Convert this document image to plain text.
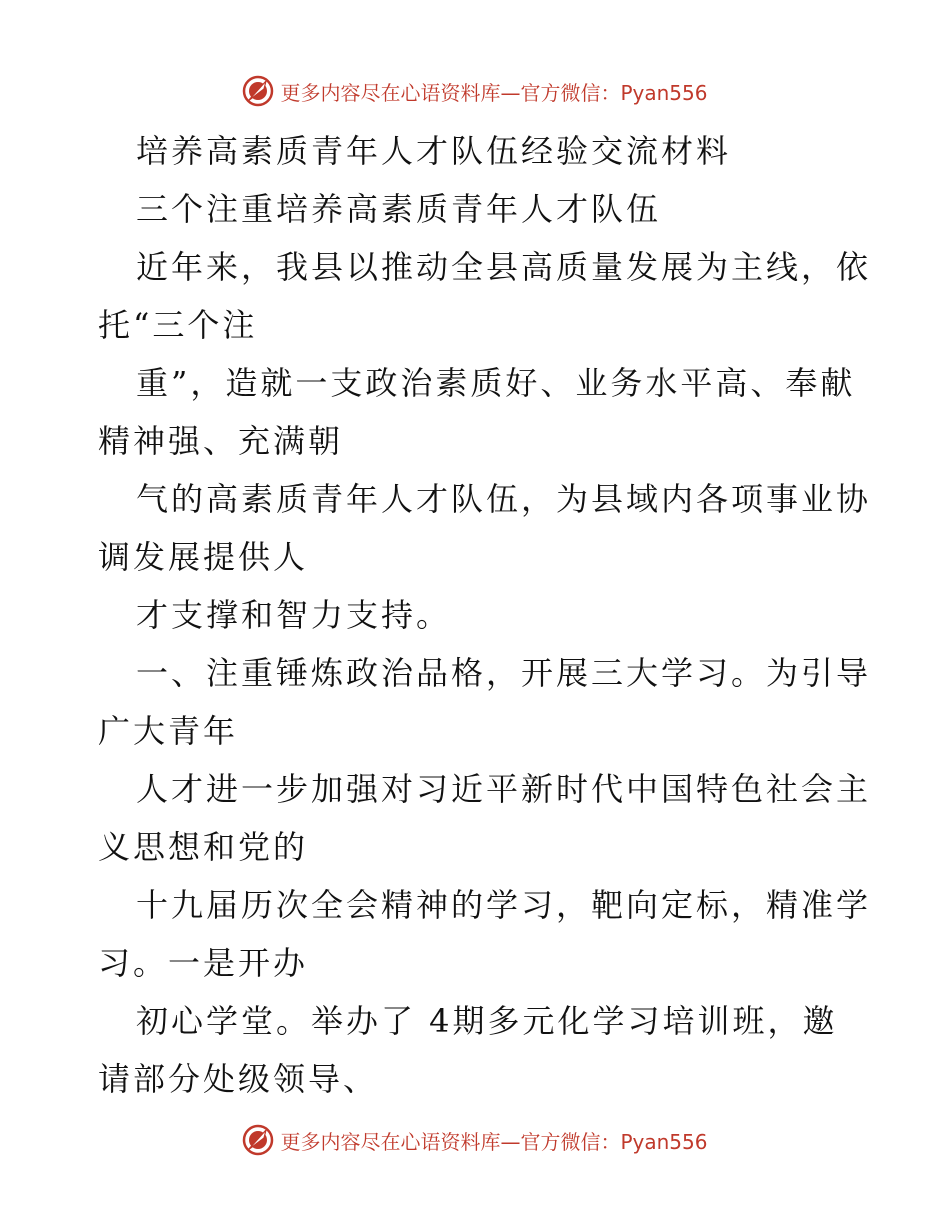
更多内容尽在心语资料库—官方微信：Pyan556
培养高素质青年人才队伍经验交流材料
三个注重培养高素质青年人才队伍
近年来，我县以推动全县高质量发展为主线，依
托“三个注
重”，造就一支政治素质好、业务水平高、奉献
精神强、充满朝
气的高素质青年人才队伍，为县域内各项事业协
调发展提供人
才支撑和智力支持。
一、注重锤炼政治品格，开展三大学习。为引导
广大青年
人才进一步加强对习近平新时代中国特色社会主
义思想和党的
十九届历次全会精神的学习，靶向定标，精准学
习。一是开办
初心学堂。举办了 4期多元化学习培训班，邀
请部分处级领导、
更多内容尽在心语资料库—官方微信：Pyan556
